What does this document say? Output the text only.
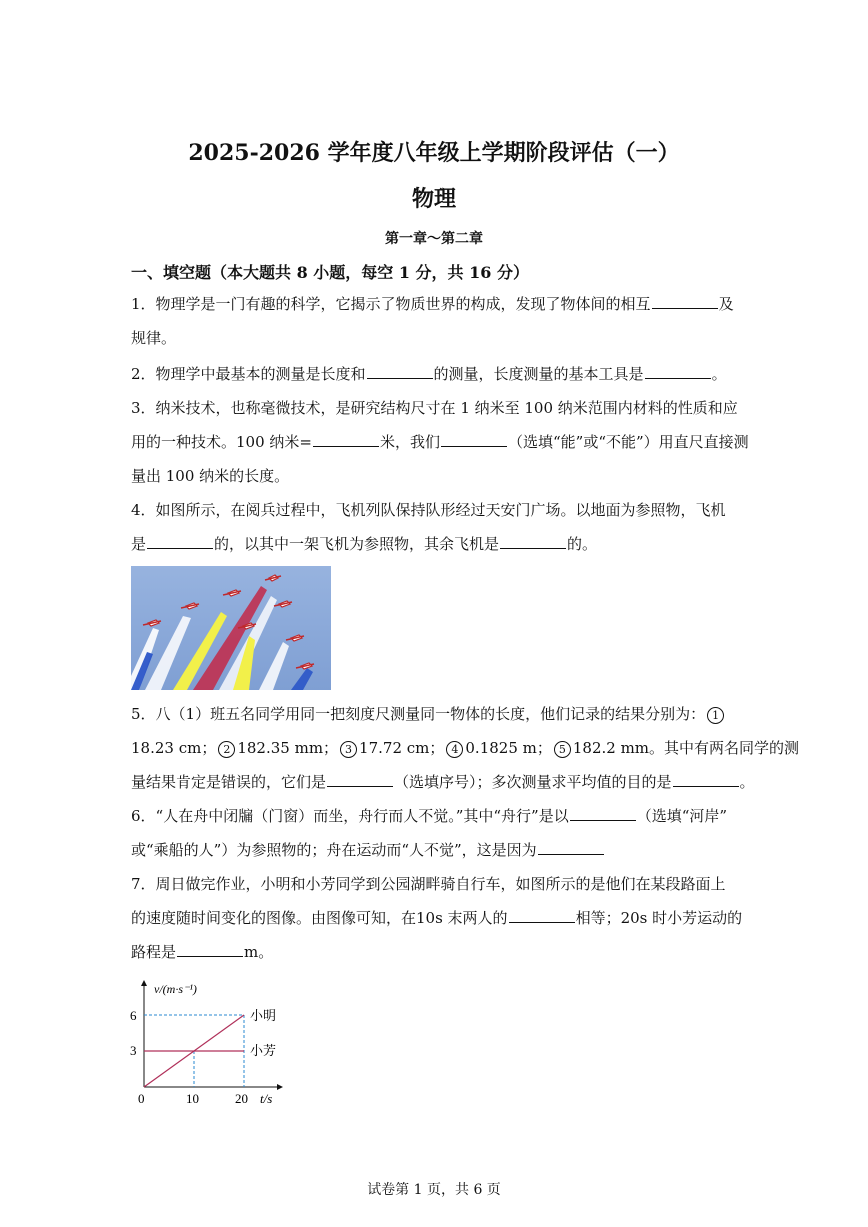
2025-2026 学年度八年级上学期阶段评估（一）
物理
第一章～第二章
一、填空题（本大题共 8 小题，每空 1 分，共 16 分）
1．物理学是一门有趣的科学，它揭示了物质世界的构成，发现了物体间的相互	及
规律。
2．物理学中最基本的测量是长度和	的测量，长度测量的基本工具是	。
3．纳米技术，也称毫微技术，是研究结构尺寸在 1 纳米至 100 纳米范围内材料的性质和应
用的一种技术。100 纳米=	米，我们	（选填“能”或“不能”）用直尺直接测
量出 100 纳米的长度。
4．如图所示，在阅兵过程中，飞机列队保持队形经过天安门广场。以地面为参照物，飞机
是	的，以其中一架飞机为参照物，其余飞机是	的。
5．八（1）班五名同学用同一把刻度尺测量同一物体的长度，他们记录的结果分别为： 1
18.23 cm； 2 182.35 mm； 3 17.72 cm； 4 0.1825 m； 5 182.2 mm。其中有两名同学的测
量结果肯定是错误的，它们是	（选填序号）；多次测量求平均值的目的是	。
6．“人在舟中闭牖（门窗）而坐，舟行而人不觉。”其中“舟行”是以	（选填“河岸”
或“乘船的人”）为参照物的；舟在运动而“人不觉”，这是因为
7．周日做完作业，小明和小芳同学到公园湖畔骑自行车，如图所示的是他们在某段路面上
的速度随时间变化的图像。由图像可知，在10s 末两人的	相等；20s 时小芳运动的
路程是	m。
v/(m·s⁻¹)
t/s
0	10	20
3
6	小明
小芳
试卷第 1 页，共 6 页
